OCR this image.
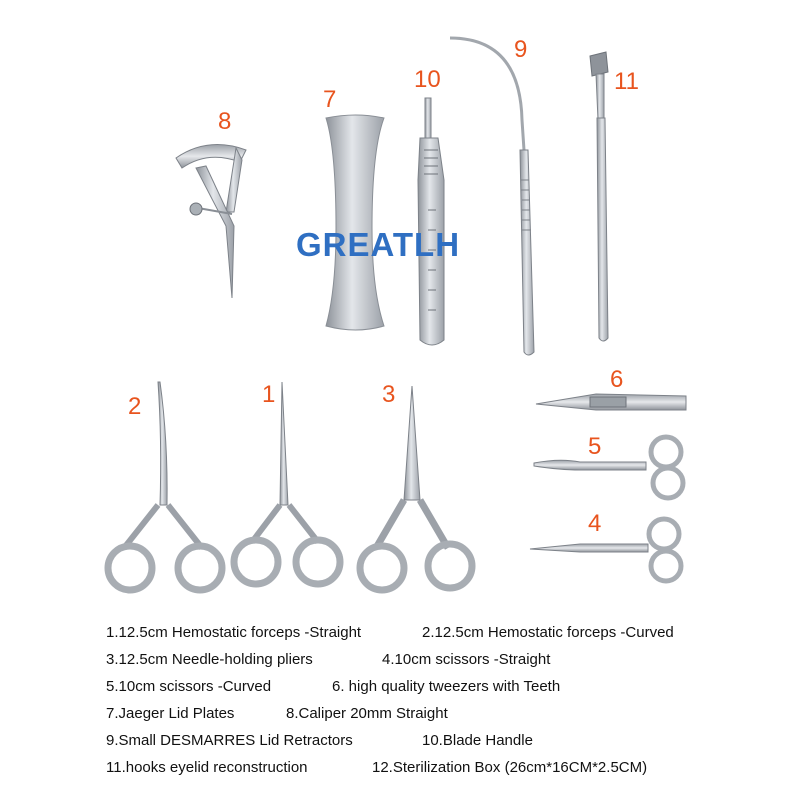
GREATLH
8
7
10
9
11
2	1	3
6
5
4
1.12.5cm Hemostatic forceps -Straight	2.12.5cm Hemostatic forceps -Curved
3.12.5cm Needle-holding pliers	4.10cm scissors -Straight
5.10cm scissors -Curved	6. high quality tweezers with Teeth
7.Jaeger Lid Plates	8.Caliper 20mm Straight
9.Small DESMARRES Lid Retractors	10.Blade Handle
11.hooks eyelid reconstruction	12.Sterilization Box (26cm*16CM*2.5CM)
